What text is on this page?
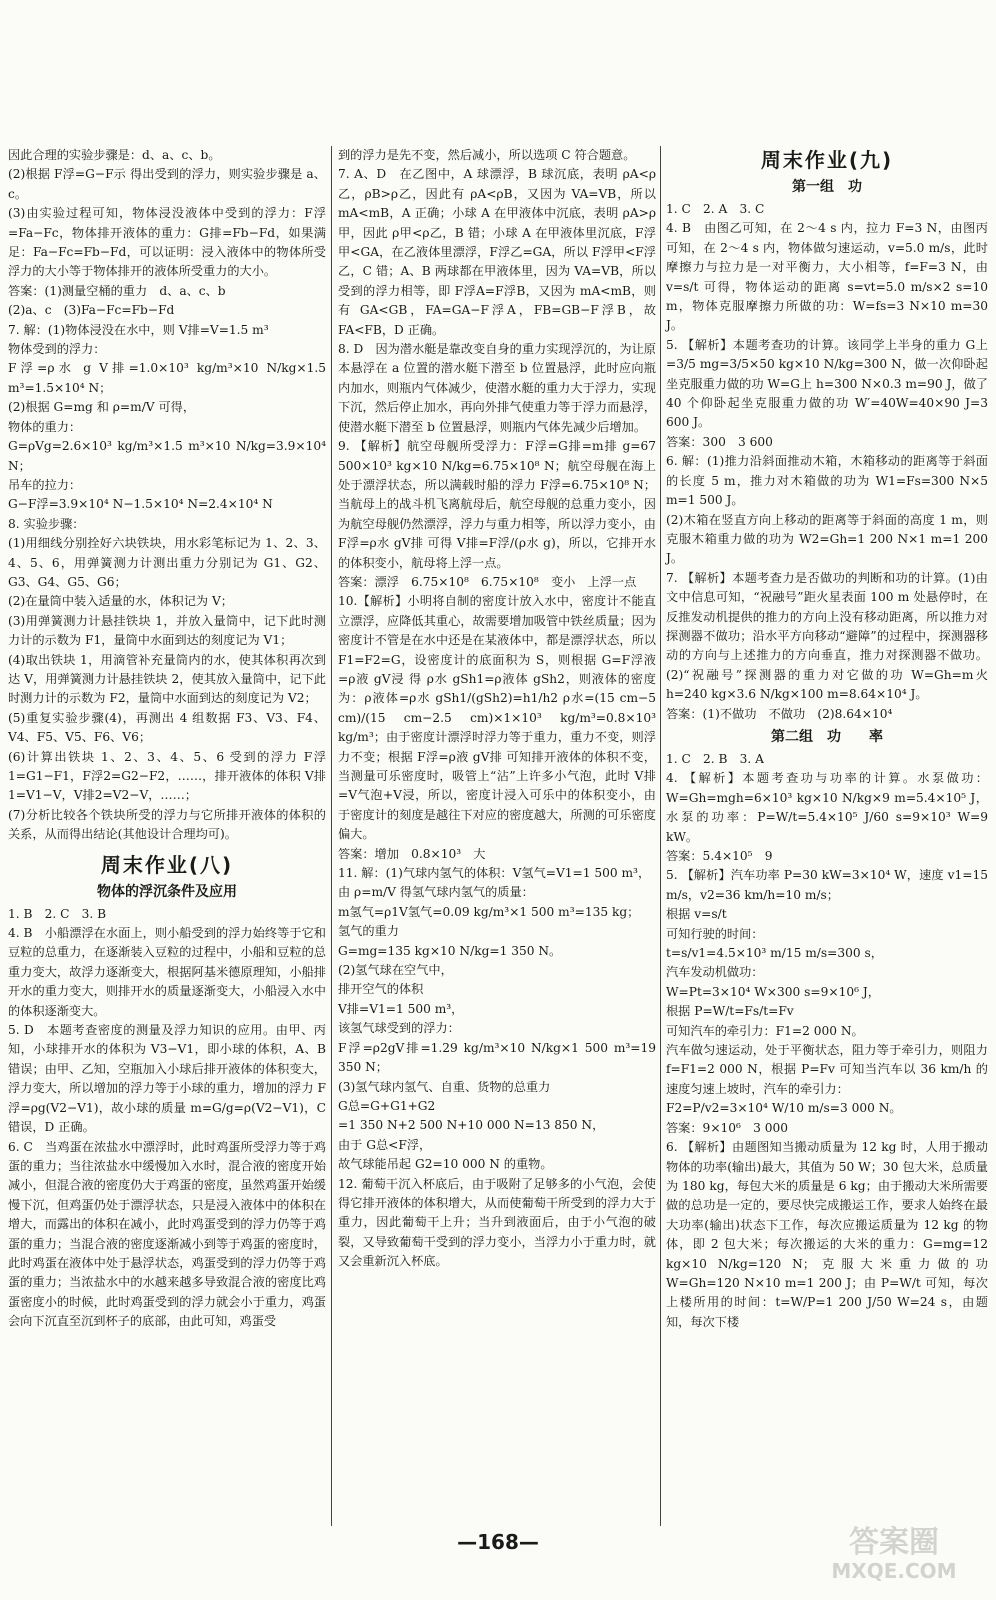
因此合理的实验步骤是：d、a、c、b。

(2)根据 F浮=G−F示 得出受到的浮力，则实验步骤是 a、c。

(3)由实验过程可知，物体浸没液体中受到的浮力：F浮=Fa−Fc，物体排开液体的重力：G排=Fb−Fd，如果满足：Fa−Fc=Fb−Fd，可以证明：浸入液体中的物体所受浮力的大小等于物体排开的液体所受重力的大小。

答案：(1)测量空桶的重力　d、a、c、b

(2)a、c　(3)Fa−Fc=Fb−Fd

7. 解：(1)物体浸没在水中，则 V排=V=1.5 m³

物体受到的浮力：

F浮=ρ水 g V排=1.0×10³ kg/m³×10 N/kg×1.5 m³=1.5×10⁴ N；

(2)根据 G=mg 和 ρ=m/V 可得，

物体的重力：

G=ρVg=2.6×10³ kg/m³×1.5 m³×10 N/kg=3.9×10⁴ N；

吊车的拉力：

G−F浮=3.9×10⁴ N−1.5×10⁴ N=2.4×10⁴ N

8. 实验步骤：

(1)用细线分别拴好六块铁块，用水彩笔标记为 1、2、3、4、5、6，用弹簧测力计测出重力分别记为 G1、G2、G3、G4、G5、G6；

(2)在量筒中装入适量的水，体积记为 V；

(3)用弹簧测力计悬挂铁块 1，并放入量筒中，记下此时测力计的示数为 F1，量筒中水面到达的刻度记为 V1；

(4)取出铁块 1，用滴管补充量筒内的水，使其体积再次到达 V，用弹簧测力计悬挂铁块 2，使其放入量筒中，记下此时测力计的示数为 F2，量筒中水面到达的刻度记为 V2；

(5)重复实验步骤(4)，再测出 4 组数据 F3、V3、F4、V4、F5、V5、F6、V6；

(6)计算出铁块 1、2、3、4、5、6 受到的浮力 F浮1=G1−F1，F浮2=G2−F2，……，排开液体的体积 V排1=V1−V，V排2=V2−V，……；

(7)分析比较各个铁块所受的浮力与它所排开液体的体积的关系，从而得出结论(其他设计合理均可)。

周末作业(八)
物体的浮沉条件及应用

1. B　2. C　3. B

4. B　小船漂浮在水面上，则小船受到的浮力始终等于它和豆粒的总重力，在逐渐装入豆粒的过程中，小船和豆粒的总重力变大，故浮力逐渐变大，根据阿基米德原理知，小船排开水的重力变大，则排开水的质量逐渐变大，小船浸入水中的体积逐渐变大。

5. D　本题考查密度的测量及浮力知识的应用。由甲、丙知，小球排开水的体积为 V3−V1，即小球的体积，A、B 错误；由甲、乙知，空瓶加入小球后排开液体的体积变大，浮力变大，所以增加的浮力等于小球的重力，增加的浮力 F浮=ρg(V2−V1)，故小球的质量 m=G/g=ρ(V2−V1)，C 错误，D 正确。

6. C　当鸡蛋在浓盐水中漂浮时，此时鸡蛋所受浮力等于鸡蛋的重力；当往浓盐水中缓慢加入水时，混合液的密度开始减小，但混合液的密度仍大于鸡蛋的密度，虽然鸡蛋开始缓慢下沉，但鸡蛋仍处于漂浮状态，只是浸入液体中的体积在增大，而露出的体积在减小，此时鸡蛋受到的浮力仍等于鸡蛋的重力；当混合液的密度逐渐减小到等于鸡蛋的密度时，此时鸡蛋在液体中处于悬浮状态，鸡蛋受到的浮力仍等于鸡蛋的重力；当浓盐水中的水越来越多导致混合液的密度比鸡蛋密度小的时候，此时鸡蛋受到的浮力就会小于重力，鸡蛋会向下沉直至沉到杯子的底部，由此可知，鸡蛋受

到的浮力是先不变，然后减小，所以选项 C 符合题意。

7. A、D　在乙图中，A 球漂浮，B 球沉底，表明 ρA<ρ乙，ρB>ρ乙，因此有 ρA<ρB，又因为 VA=VB，所以 mA<mB，A 正确；小球 A 在甲液体中沉底，表明 ρA>ρ甲，因此 ρ甲<ρ乙，B 错；小球 A 在甲液体里沉底，F浮甲<GA，在乙液体里漂浮，F浮乙=GA，所以 F浮甲<F浮乙，C 错；A、B 两球都在甲液体里，因为 VA=VB，所以受到的浮力相等，即 F浮A=F浮B，又因为 mA<mB，则有 GA<GB，FA=GA−F浮A，FB=GB−F浮B，故 FA<FB，D 正确。

8. D　因为潜水艇是靠改变自身的重力实现浮沉的，为让原本悬浮在 a 位置的潜水艇下潜至 b 位置悬浮，此时应向瓶内加水，则瓶内气体减少，使潜水艇的重力大于浮力，实现下沉，然后停止加水，再向外排气使重力等于浮力而悬浮，使潜水艇下潜至 b 位置悬浮，则瓶内气体先减少后增加。

9. 【解析】航空母舰所受浮力：F浮=G排=m排 g=67 500×10³ kg×10 N/kg=6.75×10⁸ N；航空母舰在海上处于漂浮状态，所以满载时船的浮力 F浮=6.75×10⁸ N；当航母上的战斗机飞离航母后，航空母舰的总重力变小，因为航空母舰仍然漂浮，浮力与重力相等，所以浮力变小，由 F浮=ρ水 gV排 可得 V排=F浮/(ρ水 g)，所以，它排开水的体积变小，航母将上浮一点。

答案：漂浮　6.75×10⁸　6.75×10⁸　变小　上浮一点

10.【解析】小明将自制的密度计放入水中，密度计不能直立漂浮，应降低其重心，故需要增加吸管中铁丝质量；因为密度计不管是在水中还是在某液体中，都是漂浮状态，所以 F1=F2=G，设密度计的底面积为 S，则根据 G=F浮液=ρ液 gV浸 得 ρ水 gSh1=ρ液体 gSh2，则液体的密度为：ρ液体=ρ水 gSh1/(gSh2)=h1/h2 ρ水=(15 cm−5 cm)/(15 cm−2.5 cm)×1×10³ kg/m³=0.8×10³ kg/m³；由于密度计漂浮时浮力等于重力，重力不变，则浮力不变；根据 F浮=ρ液 gV排 可知排开液体的体积不变，当测量可乐密度时，吸管上“沾”上许多小气泡，此时 V排=V气泡+V浸，所以，密度计浸入可乐中的体积变小，由于密度计的刻度是越往下对应的密度越大，所测的可乐密度偏大。

答案：增加　0.8×10³　大

11. 解：(1)气球内氢气的体积：V氢气=V1=1 500 m³，

由 ρ=m/V 得氢气球内氢气的质量：

m氢气=ρ1V氢气=0.09 kg/m³×1 500 m³=135 kg；

氢气的重力

G=mg=135 kg×10 N/kg=1 350 N。

(2)氢气球在空气中，

排开空气的体积

V排=V1=1 500 m³，

该氢气球受到的浮力：

F浮=ρ2gV排=1.29 kg/m³×10 N/kg×1 500 m³=19 350 N；

(3)氢气球内氢气、自重、货物的总重力

G总=G+G1+G2

=1 350 N+2 500 N+10 000 N=13 850 N，

由于 G总<F浮，

故气球能吊起 G2=10 000 N 的重物。

12. 葡萄干沉入杯底后，由于吸附了足够多的小气泡，会使得它排开液体的体积增大，从而使葡萄干所受到的浮力大于重力，因此葡萄干上升；当升到液面后，由于小气泡的破裂，又导致葡萄干受到的浮力变小，当浮力小于重力时，就又会重新沉入杯底。

周末作业(九)
第一组　功

1. C　2. A　3. C

4. B　由图乙可知，在 2～4 s 内，拉力 F=3 N，由图丙可知，在 2～4 s 内，物体做匀速运动，v=5.0 m/s，此时摩擦力与拉力是一对平衡力，大小相等，f=F=3 N，由 v=s/t 可得，物体运动的距离 s=vt=5.0 m/s×2 s=10 m，物体克服摩擦力所做的功：W=fs=3 N×10 m=30 J。

5. 【解析】本题考查功的计算。该同学上半身的重力 G上=3/5 mg=3/5×50 kg×10 N/kg=300 N，做一次仰卧起坐克服重力做的功 W=G上 h=300 N×0.3 m=90 J，做了 40 个仰卧起坐克服重力做的功 W′=40W=40×90 J=3 600 J。

答案：300　3 600

6. 解：(1)推力沿斜面推动木箱，木箱移动的距离等于斜面的长度 5 m，推力对木箱做的功为 W1=Fs=300 N×5 m=1 500 J。

(2)木箱在竖直方向上移动的距离等于斜面的高度 1 m，则克服木箱重力做的功为 W2=Gh=1 200 N×1 m=1 200 J。

7. 【解析】本题考查力是否做功的判断和功的计算。(1)由文中信息可知，“祝融号”距火星表面 100 m 处悬停时，在反推发动机提供的推力的方向上没有移动距离，所以推力对探测器不做功；沿水平方向移动“避障”的过程中，探测器移动的方向与上述推力的方向垂直，推力对探测器不做功。(2)“祝融号”探测器的重力对它做的功 W=Gh=m火 h=240 kg×3.6 N/kg×100 m=8.64×10⁴ J。

答案：(1)不做功　不做功　(2)8.64×10⁴

第二组　功　　率

1. C　2. B　3. A

4. 【解析】本题考查功与功率的计算。水泵做功：W=Gh=mgh=6×10³ kg×10 N/kg×9 m=5.4×10⁵ J，水泵的功率：P=W/t=5.4×10⁵ J/60 s=9×10³ W=9 kW。

答案：5.4×10⁵　9

5. 【解析】汽车功率 P=30 kW=3×10⁴ W，速度 v1=15 m/s，v2=36 km/h=10 m/s；

根据 v=s/t

可知行驶的时间：

t=s/v1=4.5×10³ m/15 m/s=300 s，

汽车发动机做功：

W=Pt=3×10⁴ W×300 s=9×10⁶ J，

根据 P=W/t=Fs/t=Fv

可知汽车的牵引力：F1=2 000 N。

汽车做匀速运动，处于平衡状态，阻力等于牵引力，则阻力 f=F1=2 000 N，根据 P=Fv 可知当汽车以 36 km/h 的速度匀速上坡时，汽车的牵引力：

F2=P/v2=3×10⁴ W/10 m/s=3 000 N。

答案：9×10⁶　3 000

6. 【解析】由题图知当搬动质量为 12 kg 时，人用于搬动物体的功率(输出)最大，其值为 50 W；30 包大米，总质量为 180 kg，每包大米的质量是 6 kg；由于搬动大米所需要做的总功是一定的，要尽快完成搬运工作，要求人始终在最大功率(输出)状态下工作，每次应搬运质量为 12 kg 的物体，即 2 包大米；每次搬运的大米的重力：G=mg=12 kg×10 N/kg=120 N；克服大米重力做的功 W=Gh=120 N×10 m=1 200 J；由 P=W/t 可知，每次上楼所用的时间：t=W/P=1 200 J/50 W=24 s，由题知，每次下楼

—168—	答案圈
MXQE.COM
